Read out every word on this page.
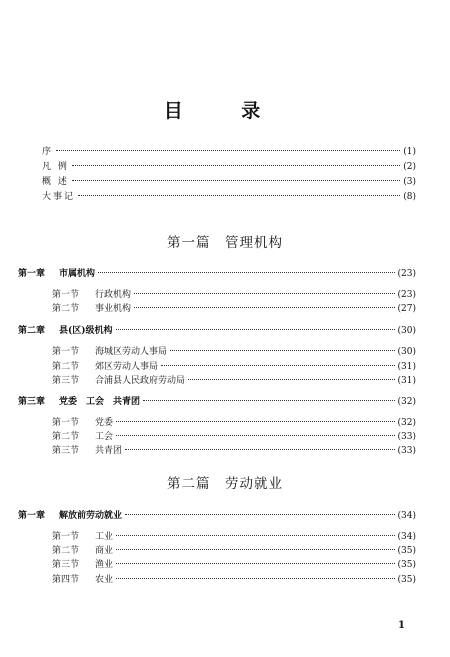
目 录
序	(1)
凡 例	(2)
概 述	(3)
大事记	(8)
第一篇　管理机构
第一章 市属机构	(23)
第一节 行政机构	(23)
第二节 事业机构	(27)
第二章 县(区)级机构	(30)
第一节 海城区劳动人事局	(30)
第二节 郊区劳动人事局	(31)
第三节 合浦县人民政府劳动局	(31)
第三章 党委　工会　共青团	(32)
第一节 党委	(32)
第二节 工会	(33)
第三节 共青团	(33)
第二篇　劳动就业
第一章 解放前劳动就业	(34)
第一节 工业	(34)
第二节 商业	(35)
第三节 渔业	(35)
第四节 农业	(35)
1
